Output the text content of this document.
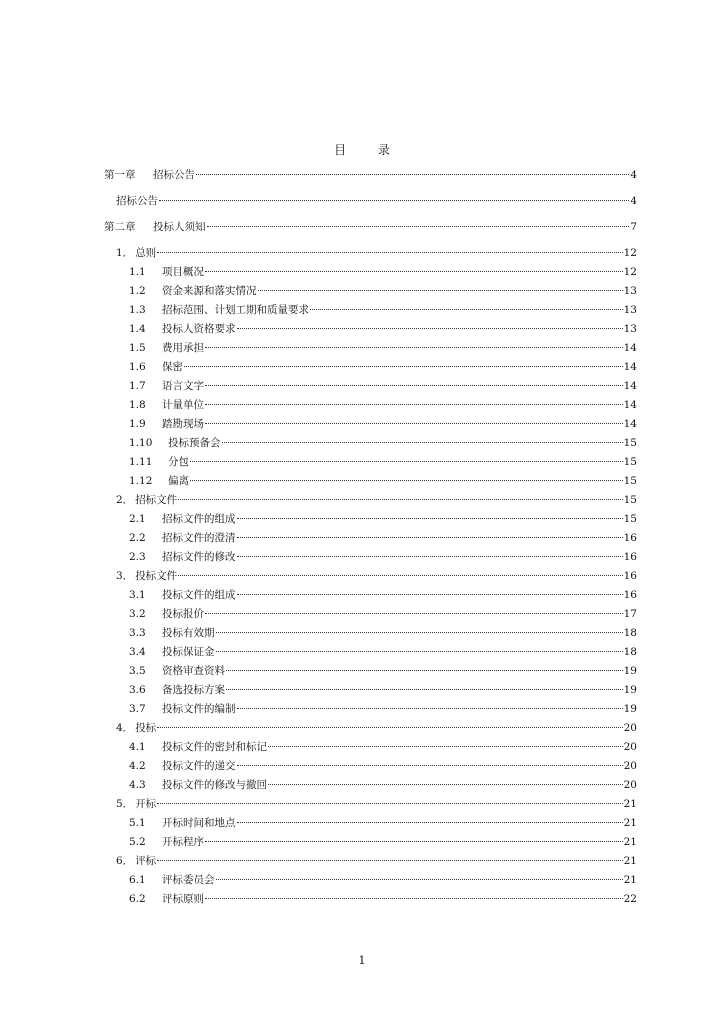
目 录
第一章	招标公告	4
招标公告	4
第二章	投标人须知	7
1． 总则	12
1.1	项目概况	12
1.2	资金来源和落实情况	13
1.3	招标范围、计划工期和质量要求	13
1.4	投标人资格要求	13
1.5	费用承担	14
1.6	保密	14
1.7	语言文字	14
1.8	计量单位	14
1.9	踏勘现场	14
1.10	投标预备会	15
1.11	分包	15
1.12	偏离	15
2． 招标文件	15
2.1	招标文件的组成	15
2.2	招标文件的澄清	16
2.3	招标文件的修改	16
3． 投标文件	16
3.1	投标文件的组成	16
3.2	投标报价	17
3.3	投标有效期	18
3.4	投标保证金	18
3.5	资格审查资料	19
3.6	备选投标方案	19
3.7	投标文件的编制	19
4． 投标	20
4.1	投标文件的密封和标记	20
4.2	投标文件的递交	20
4.3	投标文件的修改与撤回	20
5． 开标	21
5.1	开标时间和地点	21
5.2	开标程序	21
6． 评标	21
6.1	评标委员会	21
6.2	评标原则	22
1
